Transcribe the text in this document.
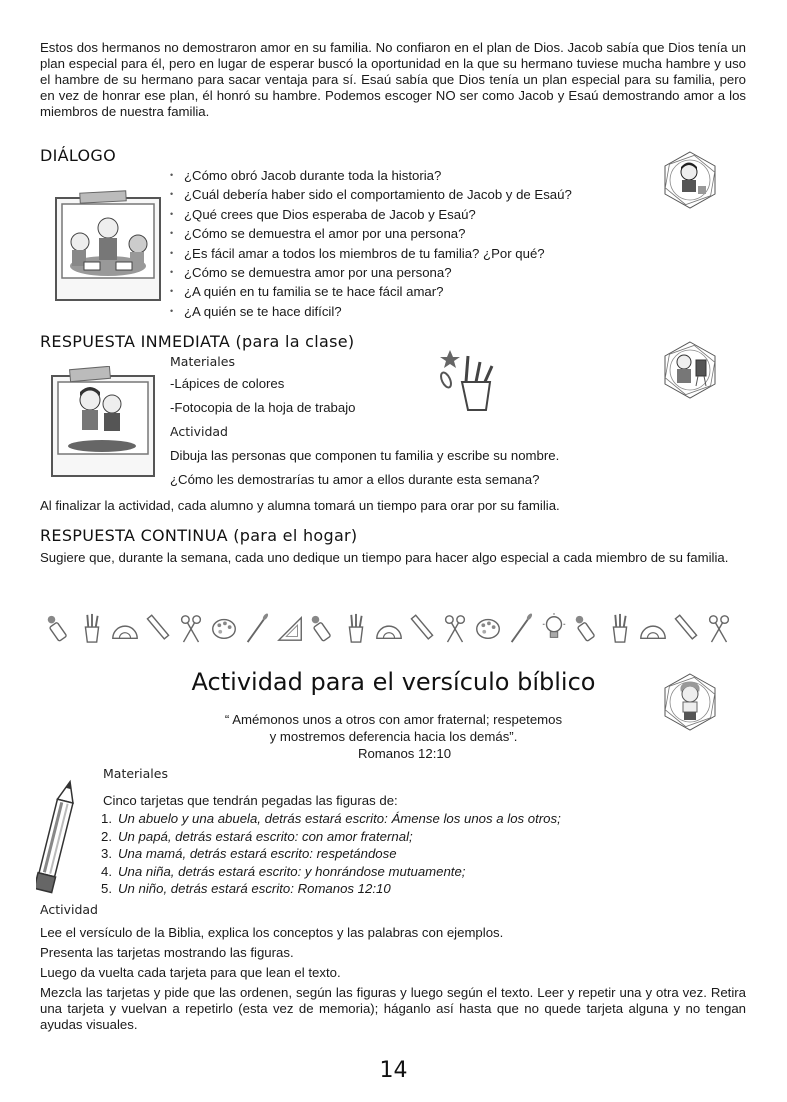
Estos dos hermanos no demostraron amor en su familia. No confiaron en el plan de Dios. Jacob sabía que Dios tenía un plan especial para él, pero en lugar de esperar buscó la oportunidad en la que su hermano tuviese mucha hambre y uso el hambre de su hermano para sacar ventaja para sí. Esaú sabía que Dios tenía un plan especial para su familia, pero en vez de honrar ese plan, él honró su hambre. Podemos escoger NO ser como Jacob y Esaú demostrando amor a los miembros de nuestra familia.
DIÁLOGO
• ¿Cómo obró Jacob durante toda la historia?
• ¿Cuál debería haber sido el comportamiento de Jacob y de Esaú?
• ¿Qué crees que Dios esperaba de Jacob y Esaú?
• ¿Cómo se demuestra el amor por una persona?
• ¿Es fácil amar a todos los miembros de tu familia? ¿Por qué?
• ¿Cómo se demuestra amor por una persona?
• ¿A quién en tu familia se te hace fácil amar?
• ¿A quién se te hace difícil?
RESPUESTA INMEDIATA (para la clase)
Materiales
-Lápices de colores
-Fotocopia de la hoja de trabajo
Actividad
Dibuja las personas que componen tu familia y escribe su nombre.
¿Cómo les demostrarías tu amor a ellos durante esta semana?
Al finalizar la actividad, cada alumno y alumna tomará un tiempo para orar por su familia.
RESPUESTA CONTINUA (para el hogar)
Sugiere que, durante la semana, cada uno dedique un tiempo para hacer algo especial a cada miembro de su familia.
Actividad para el versículo bíblico
“ Amémonos unos a otros con amor fraternal; respetemos
y mostremos deferencia hacia los demás”.
Romanos 12:10
Materiales
Cinco tarjetas que tendrán pegadas las figuras de:
1. Un abuelo y una abuela, detrás estará escrito: Ámense los unos a los otros;
2. Un papá, detrás estará escrito: con amor fraternal;
3. Una mamá, detrás estará escrito: respetándose
4. Una niña, detrás estará escrito: y honrándose mutuamente;
5. Un niño, detrás estará escrito: Romanos 12:10
Actividad
Lee el versículo de la Biblia, explica los conceptos y las palabras con ejemplos.
Presenta las tarjetas mostrando las figuras.
Luego da vuelta cada tarjeta para que lean el texto.
Mezcla las tarjetas y pide que las ordenen, según las figuras y luego según el texto. Leer y repetir una y otra vez. Retira una tarjeta y vuelvan a repetirlo (esta vez de memoria); háganlo así hasta que no quede tarjeta alguna y no tengan ayudas visuales.
14
